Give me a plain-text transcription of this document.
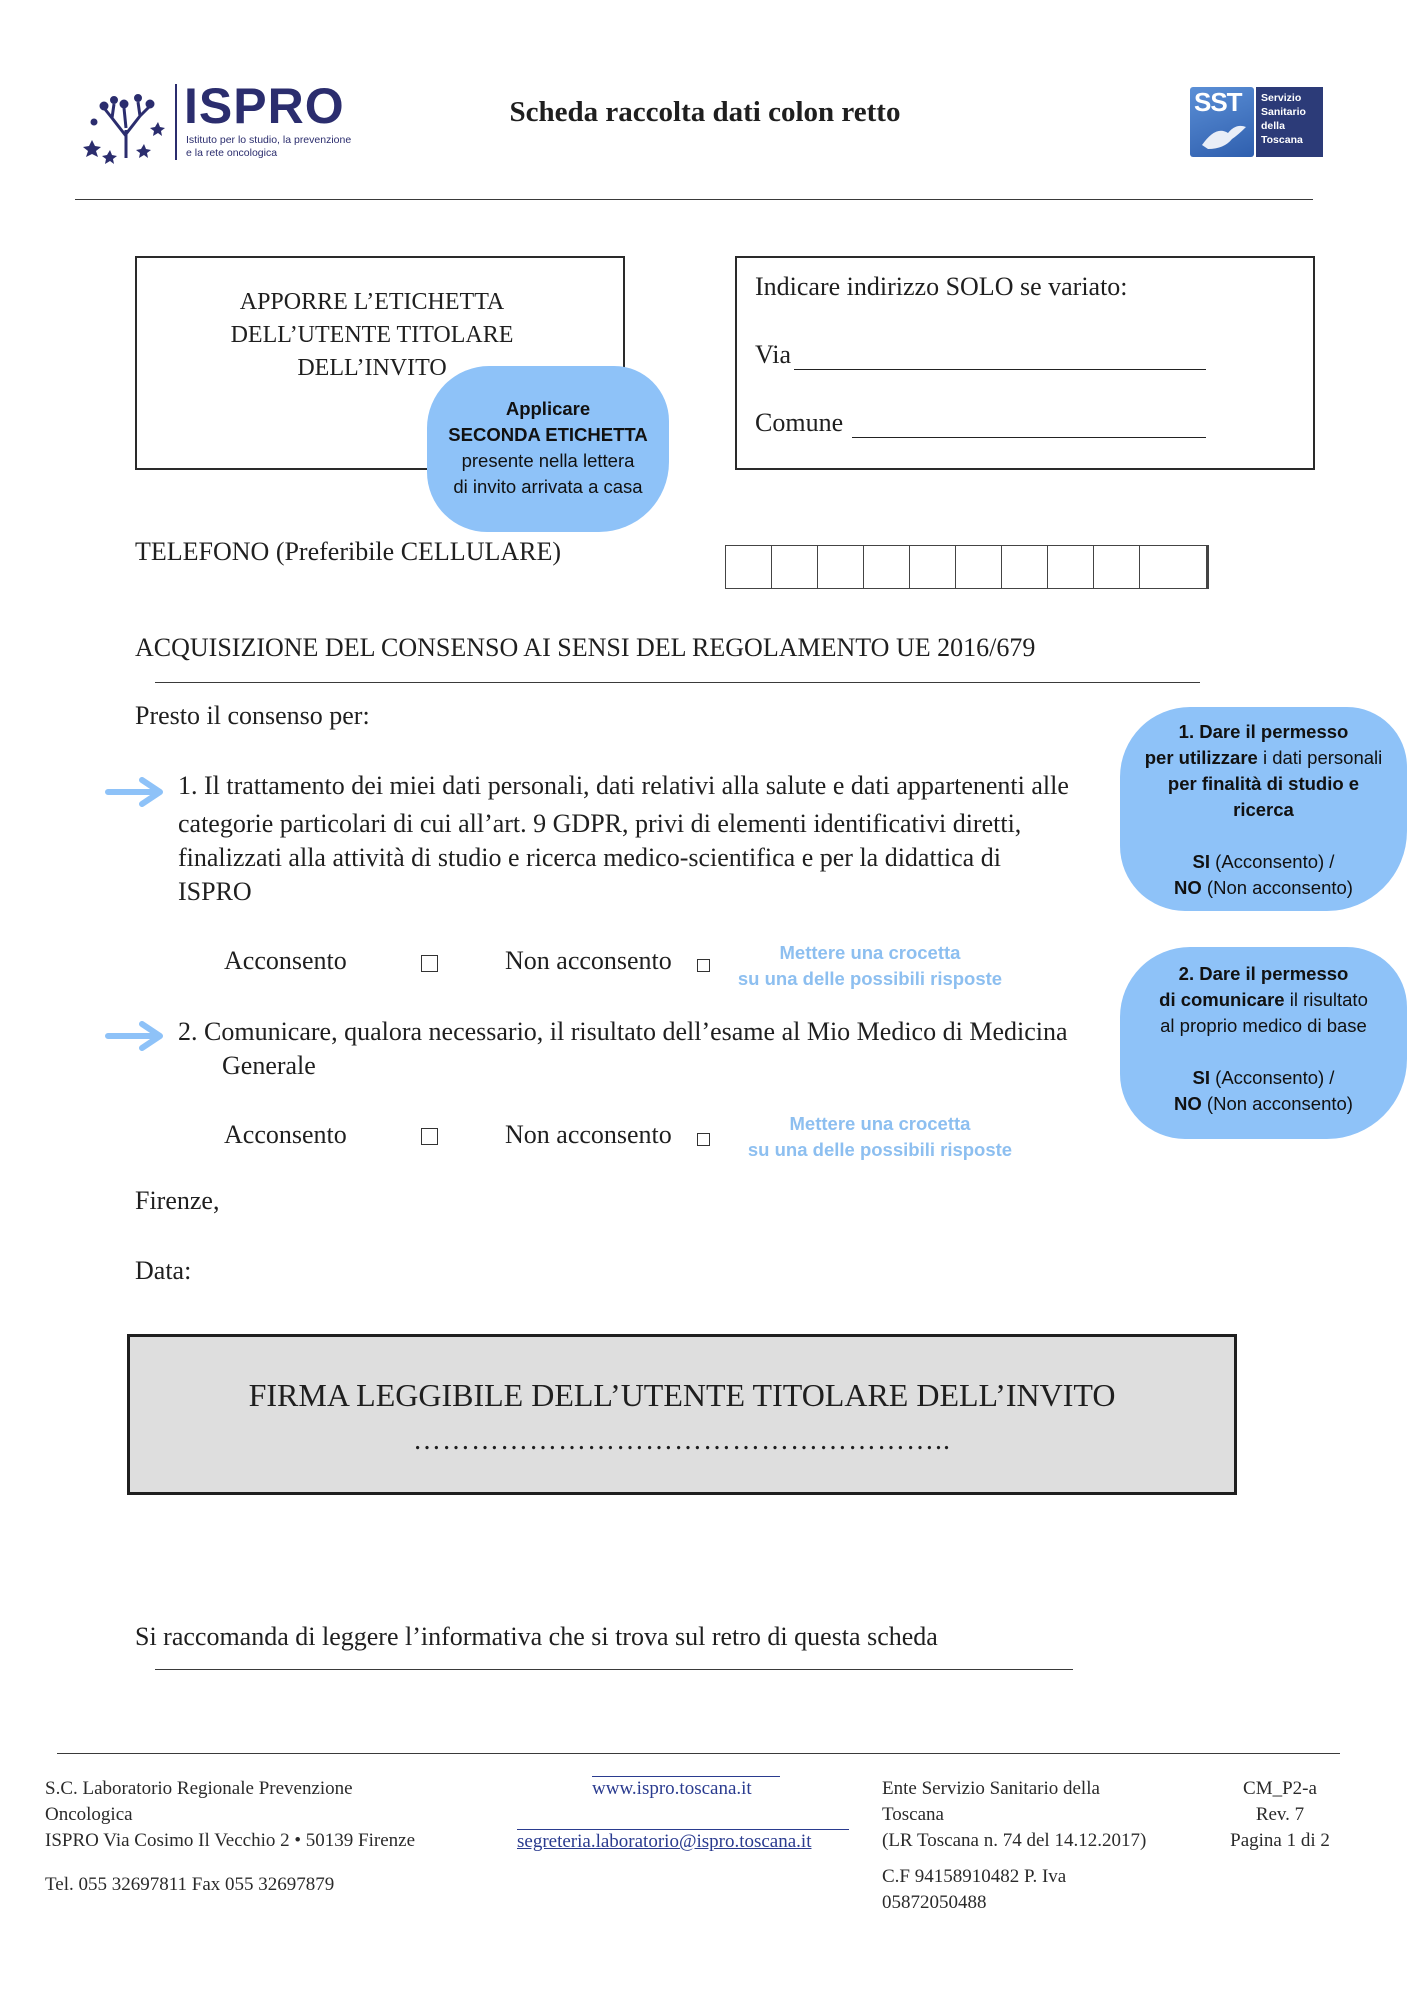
ISPRO
Istituto per lo studio, la prevenzione
e la rete oncologica
Scheda raccolta dati colon retto	SST Servizio
Sanitario
della
Toscana
APPORRE L’ETICHETTA
DELL’UTENTE TITOLARE
DELL’INVITO
Applicare
SECONDA ETICHETTA
presente nella lettera
di invito arrivata a casa
Indicare indirizzo SOLO se variato:
Via
Comune
TELEFONO (Preferibile CELLULARE)
ACQUISIZIONE DEL CONSENSO AI SENSI DEL REGOLAMENTO UE 2016/679
Presto il consenso per:
1. Il trattamento dei miei dati personali, dati relativi alla salute e dati appartenenti alle
categorie particolari di cui all’art. 9 GDPR, privi di elementi identificativi diretti,
finalizzati alla attività di studio e ricerca medico-scientifica e per la didattica di
ISPRO
Acconsento	Non acconsento	Mettere una crocetta
su una delle possibili risposte
2. Comunicare, qualora necessario, il risultato dell’esame al Mio Medico di Medicina
Generale
Acconsento	Non acconsento	Mettere una crocetta
su una delle possibili risposte
1. Dare il permesso
per utilizzare i dati personali
per finalità di studio e
ricerca
SI (Acconsento) /
NO (Non acconsento)
2. Dare il permesso
di comunicare il risultato
al proprio medico di base
SI (Acconsento) /
NO (Non acconsento)
Firenze,
Data:
FIRMA LEGGIBILE DELL’UTENTE TITOLARE DELL’INVITO
………………………………………………..
Si raccomanda di leggere l’informativa che si trova sul retro di questa scheda
S.C. Laboratorio Regionale Prevenzione
Oncologica
ISPRO Via Cosimo Il Vecchio 2 • 50139 Firenze
Tel. 055 32697811 Fax 055 32697879
www.ispro.toscana.it
segreteria.laboratorio@ispro.toscana.it
Ente Servizio Sanitario della
Toscana
(LR Toscana n. 74 del 14.12.2017)
C.F 94158910482 P. Iva
05872050488
CM_P2-a
Rev. 7
Pagina 1 di 2
